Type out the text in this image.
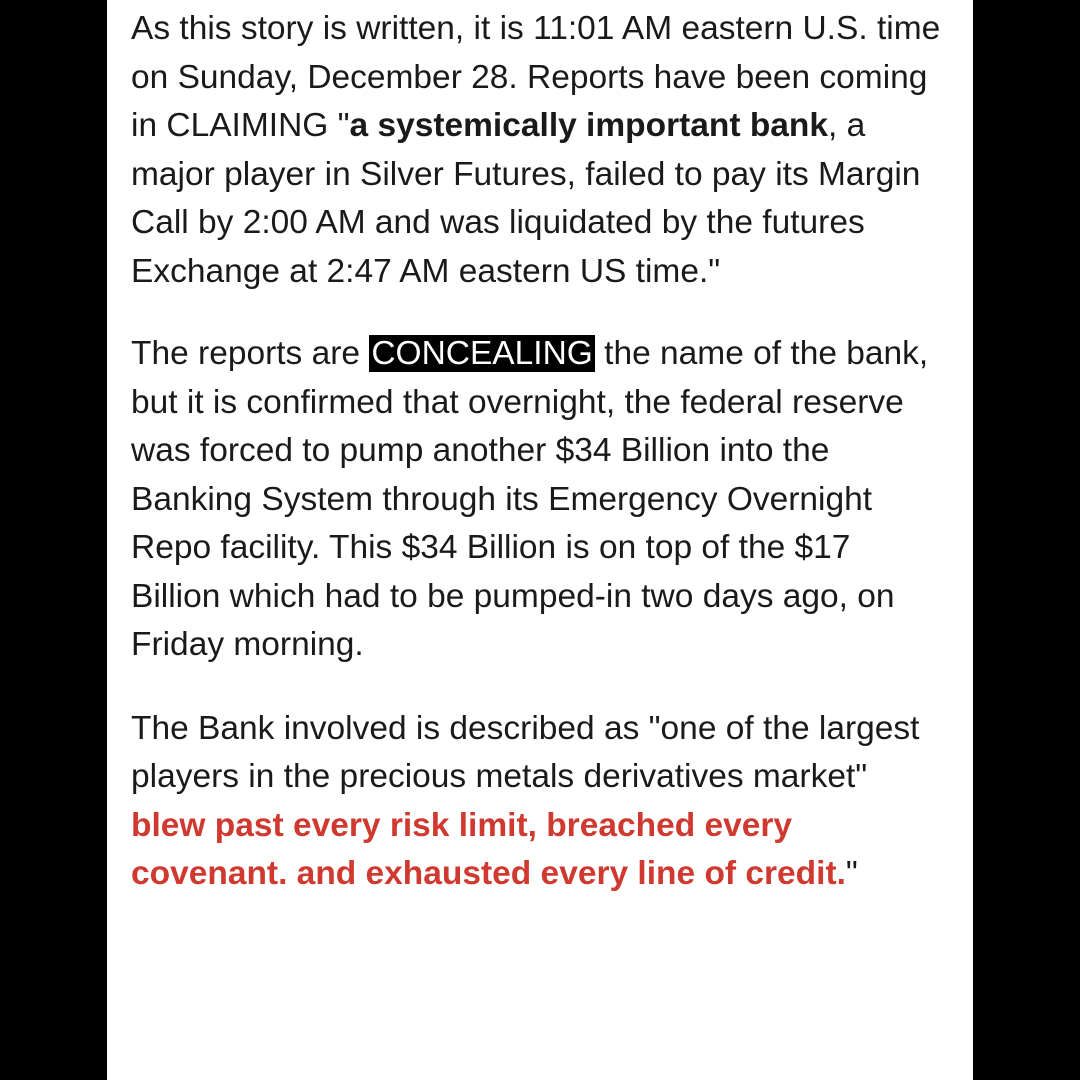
As this story is written, it is 11:01 AM eastern U.S. time on Sunday, December 28. Reports have been coming in CLAIMING "a systemically important bank, a major player in Silver Futures, failed to pay its Margin Call by 2:00 AM and was liquidated by the futures Exchange at 2:47 AM eastern US time."

The reports are CONCEALING the name of the bank, but it is confirmed that overnight, the federal reserve was forced to pump another $34 Billion into the Banking System through its Emergency Overnight Repo facility. This $34 Billion is on top of the $17 Billion which had to be pumped-in two days ago, on Friday morning.

The Bank involved is described as "one of the largest players in the precious metals derivatives market" blew past every risk limit, breached every covenant. and exhausted every line of credit."
